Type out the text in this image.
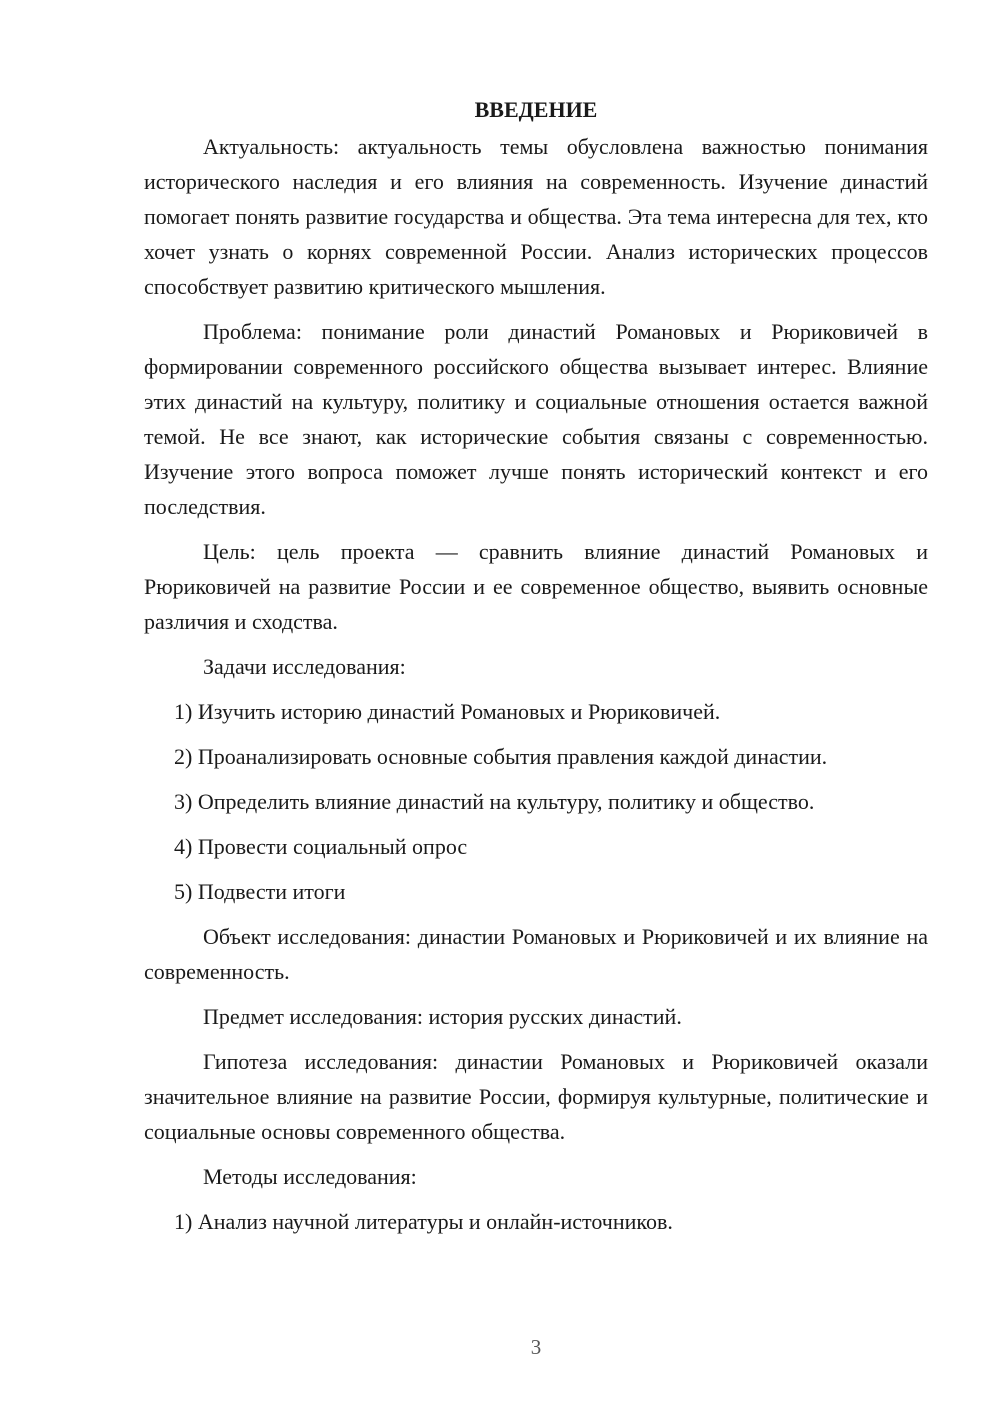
ВВЕДЕНИЕ

Актуальность: актуальность темы обусловлена важностью понимания исторического наследия и его влияния на современность. Изучение династий помогает понять развитие государства и общества. Эта тема интересна для тех, кто хочет узнать о корнях современной России. Анализ исторических процессов способствует развитию критического мышления.

Проблема: понимание роли династий Романовых и Рюриковичей в формировании современного российского общества вызывает интерес. Влияние этих династий на культуру, политику и социальные отношения остается важной темой. Не все знают, как исторические события связаны с современностью. Изучение этого вопроса поможет лучше понять исторический контекст и его последствия.

Цель: цель проекта — сравнить влияние династий Романовых и Рюриковичей на развитие России и ее современное общество, выявить основные различия и сходства.

Задачи исследования:

1) Изучить историю династий Романовых и Рюриковичей.

2) Проанализировать основные события правления каждой династии.

3) Определить влияние династий на культуру, политику и общество.

4) Провести социальный опрос

5) Подвести итоги

Объект исследования: династии Романовых и Рюриковичей и их влияние на современность.

Предмет исследования: история русских династий.

Гипотеза исследования: династии Романовых и Рюриковичей оказали значительное влияние на развитие России, формируя культурные, политические и социальные основы современного общества.

Методы исследования:

1) Анализ научной литературы и онлайн-источников.

3
